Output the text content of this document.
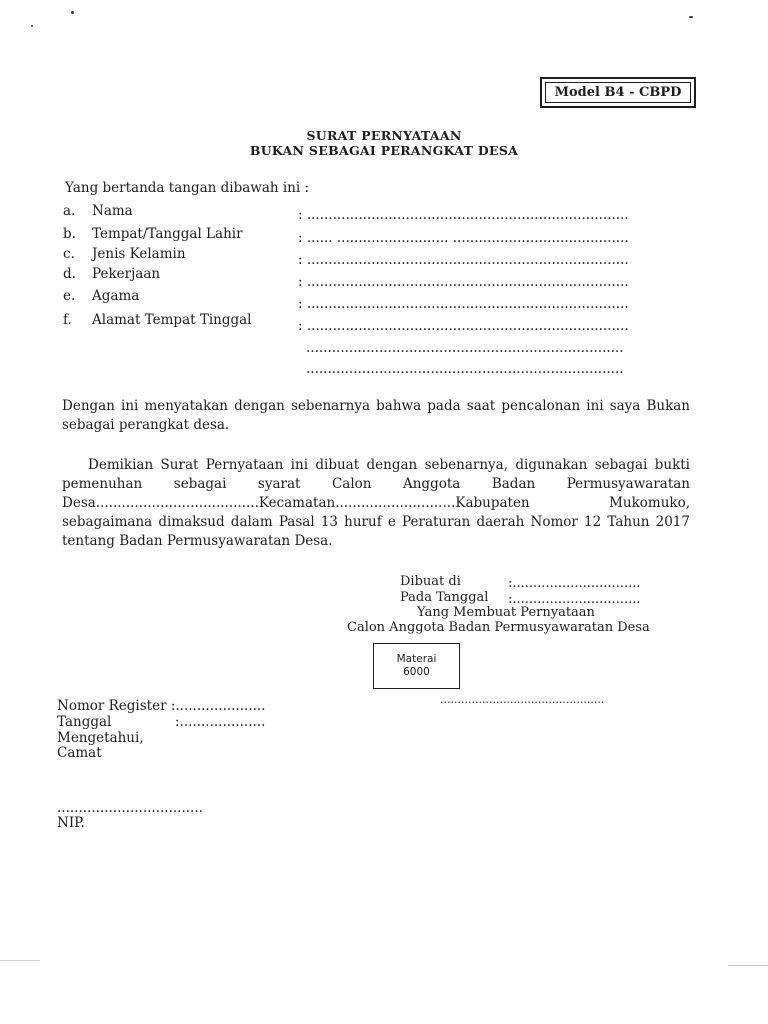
Model B4 - CBPD
SURAT PERNYATAAN
BUKAN SEBAGAI PERANGKAT DESA
Yang bertanda tangan dibawah ini :
a. Nama	: ...........................................................................
b. Tempat/Tanggal Lahir	: ...... .......................... .........................................
c. Jenis Kelamin	: ...........................................................................
d. Pekerjaan	: ...........................................................................
e. Agama	: ...........................................................................
f. Alamat Tempat Tinggal	: ...........................................................................
..........................................................................
..........................................................................
Dengan ini menyatakan dengan sebenarnya bahwa pada saat pencalonan ini saya Bukan sebagai perangkat desa.
Demikian Surat Pernyataan ini dibuat dengan sebenarnya, digunakan sebagai bukti pemenuhan sebagai syarat Calon Anggota Badan Permusyawaratan Desa......................................Kecamatan............................Kabupaten Mukomuko, sebagaimana dimaksud dalam Pasal 13 huruf e Peraturan daerah Nomor 12 Tahun 2017 tentang Badan Permusyawaratan Desa.
Dibuat di	:...............................
Pada Tanggal :...............................
Yang Membuat Pernyataan
Calon Anggota Badan Permusyawaratan Desa
Materai
6000
...............................................
Nomor Register :.....................
Tanggal	:....................
Mengetahui,
Camat
..................................
NIP.
